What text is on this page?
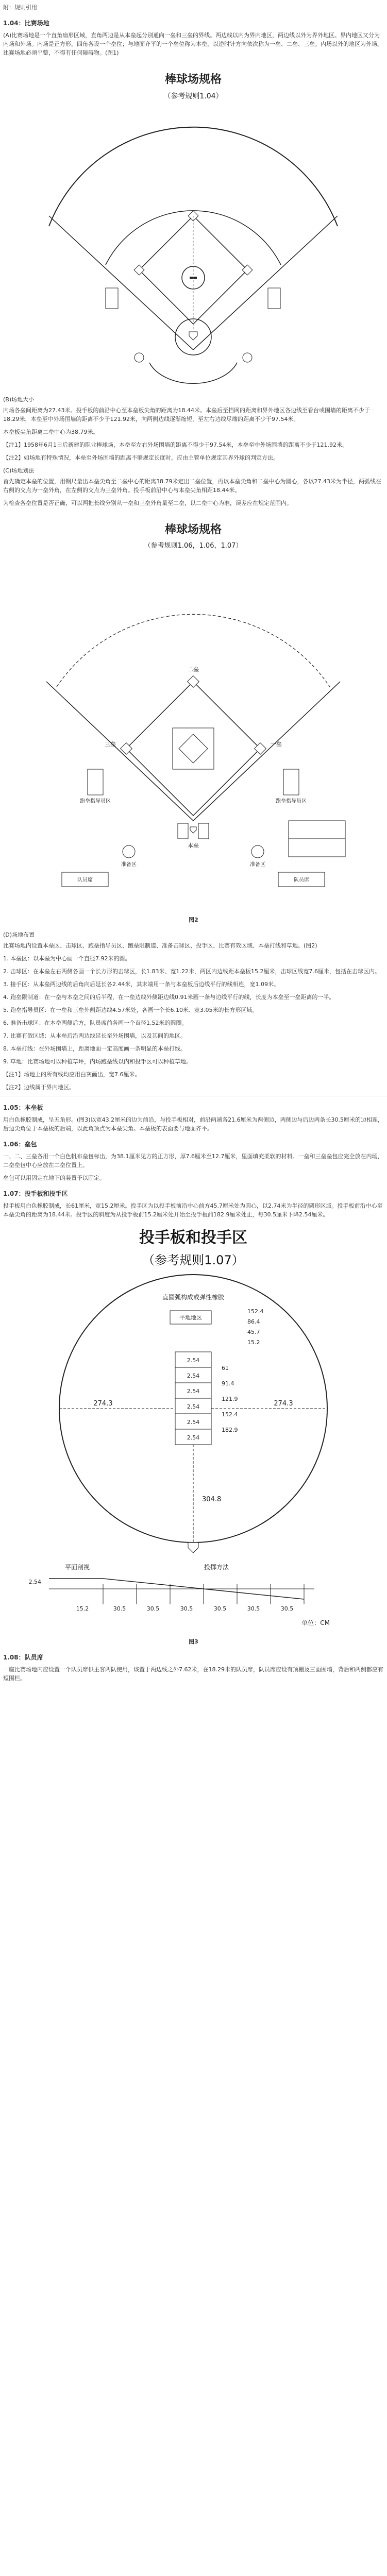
附：规则引用
1.04：比赛场地

(A)比赛场地是一个直角扇形区域，直角两边是从本垒起分别通向一垒和三垒的界线。两边线以内为界内地区，两边线以外为界外地区。界内地区又分为内场和外场。内场是正方形，四角各设一个垒位；与地面齐平的一个垒位称为本垒，以逆时针方向依次称为一垒、二垒、三垒。内场以外的地区为外场。比赛场地必须平整，不得有任何障碍物。(图1)

棒球场规格
（参考规则1.04）
(B)场地大小

内场各垒间距离为27.43米。投手板的前沿中心至本垒板尖角的距离为18.44米。本垒后至挡网的距离和界外地区各边线至看台或围墙的距离不少于18.29米，本垒至中外场围墙的距离不少于121.92米，向两侧边线逐渐缩短，至左右边线尽端的距离不少于97.54米。

本垒板尖角距离二垒中心为38.79米。

【注1】1958年6月1日后新建的职业棒球场，本垒至左右外场围墙的距离不得少于97.54米，本垒至中外场围墙的距离不少于121.92米。

【注2】如场地有特殊情况，本垒至外场围墙的距离不够规定长度时，应由主管单位规定其界外球的判定方法。

(C)场地划法

首先确定本垒的位置，用钢尺量出本垒尖角至二垒中心的距离38.79米定出二垒位置，再以本垒尖角和二垒中心为圆心，各以27.43米为半径，两弧线在右侧的交点为一垒外角，在左侧的交点为三垒外角。投手板前沿中心与本垒尖角相距18.44米。

为检查各垒位置是否正确，可以两把长线分别从一垒和三垒外角量至二垒，以二垒中心为准，误差应在规定范围内。

棒球场规格
（参考规则1.06，1.06，1.07）
二垒
一垒
三垒
跑垒指导员区	跑垒指导员区
本垒
准备区	准备区
队员席	队员席
图2
(D)场地布置

比赛场地内设置本垒区、击球区、跑垒指导员区、跑垒限制道、准备击球区、投手区、比赛有效区域、本垒打线和草地。(图2)

1. 本垒区：以本垒为中心画一个直径7.92米的圆。

2. 击球区：在本垒左右两侧各画一个长方形的击球区，长1.83米、宽1.22米，两区内边线距本垒板15.2厘米，击球区线宽7.6厘米，包括在击球区内。

3. 接手区：从本垒两边线的后角向后延长各2.44米，其末端用一条与本垒板后边线平行的线相连，宽1.09米。

4. 跑垒限制道：在一垒与本垒之间的后半程，在一垒边线外侧距边线0.91米画一条与边线平行的线，长度为本垒至一垒距离的一半。

5. 跑垒指导员区：在一垒和三垒外侧距边线4.57米处，各画一个长6.10米、宽3.05米的长方形区域。

6. 准备击球区：在本垒两侧后方，队员席前各画一个直径1.52米的圆圈。

7. 比赛有效区域：从本垒后沿两边线延长至外场围墙，以及其间的地区。

8. 本垒打线：在外场围墙上，距离地面一定高度画一条明显的本垒打线。

9. 草地：比赛场地可以种植草坪，内场跑垒线以内和投手区可以种植草地。

【注1】场地上的所有线均应用白灰画出，宽7.6厘米。

【注2】边线属于界内地区。

1.05：本垒板

用白色橡胶制成，呈五角形。(图3)以宽43.2厘米的边为前沿，与投手板相对，前沿两端各21.6厘米为两侧边，两侧边与后边两条长30.5厘米的边相连，后边尖角位于本垒板的后端，以此角顶点为本垒尖角。本垒板的表面要与地面齐平。

1.06：垒包

一、二、三垒各用一个白色帆布垒包标出，为38.1厘米见方的正方形，厚7.6厘米至12.7厘米，里面填充柔软的材料。一垒和三垒垒包应完全放在内场，二垒垒包中心应放在二垒位置上。

垒包可以用固定在地下的装置予以固定。

1.07：投手板和投手区

投手板用白色橡胶制成，长61厘米，宽15.2厘米。投手区为以投手板前沿中心前方45.7厘米处为圆心，以2.74米为半径的圆形区域。投手板前沿中心至本垒尖角的距离为18.44米。投手区的斜度为从投手板前15.2厘米处开始至投手板前182.9厘米处止，每30.5厘米下降2.54厘米。

投手板和投手区
（参考规则1.07）
直圆弧构成或弹性橡胶
平地地区
152.4
86.4
45.7
15.2
2.54
2.54
2.54
2.54
2.54
2.54
61
91.4
121.9
152.4
182.9
274.3	274.3
304.8
平面剖视	投掷方法
30.5	30.5	30.5	30.5	30.5	30.5
2.54
15.2
单位：CM
图3
1.08：队员席

一座比赛场地内应设置一个队员席供主客两队使用，该置于两边线之外7.62米，在18.29米的队员席，队员席应设有顶棚及三面围墙，背后和两侧都应有短围栏。
